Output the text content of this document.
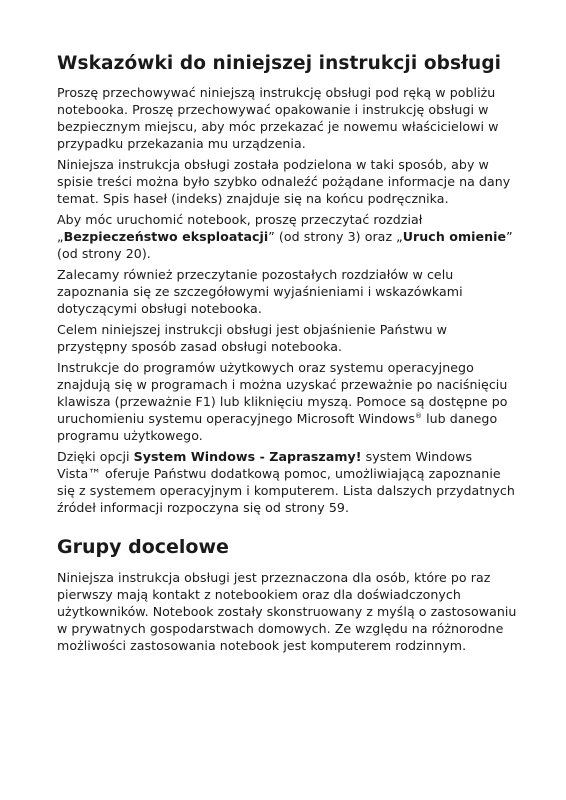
Wskazówki do niniejszej instrukcji obsługi

Proszę przechowywać niniejszą instrukcję obsługi pod ręką w pobliżu notebooka. Proszę przechowywać opakowanie i instrukcję obsługi w bezpiecznym miejscu, aby móc przekazać je nowemu właścicielowi w przypadku przekazania mu urządzenia.

Niniejsza instrukcja obsługi została podzielona w taki sposób, aby w spisie treści można było szybko odnaleźć pożądane informacje na dany temat. Spis haseł (indeks) znajduje się na końcu podręcznika.

Aby móc uruchomić notebook, proszę przeczytać rozdział „Bezpieczeństwo eksploatacji” (od strony 3) oraz „Uruch omienie” (od strony 20).

Zalecamy również przeczytanie pozostałych rozdziałów w celu zapoznania się ze szczegółowymi wyjaśnieniami i wskazówkami dotyczącymi obsługi notebooka.

Celem niniejszej instrukcji obsługi jest objaśnienie Państwu w przystępny sposób zasad obsługi notebooka.

Instrukcje do programów użytkowych oraz systemu operacyjnego znajdują się w programach i można uzyskać przeważnie po naciśnięciu klawisza (przeważnie F1) lub kliknięciu myszą. Pomoce są dostępne po uruchomieniu systemu operacyjnego Microsoft Windows® lub danego programu użytkowego.

Dzięki opcji System Windows - Zapraszamy! system Windows Vista™ oferuje Państwu dodatkową pomoc, umożliwiającą zapoznanie się z systemem operacyjnym i komputerem. Lista dalszych przydatnych źródeł informacji rozpoczyna się od strony 59.

Grupy docelowe

Niniejsza instrukcja obsługi jest przeznaczona dla osób, które po raz pierwszy mają kontakt z notebookiem oraz dla doświadczonych użytkowników. Notebook zostały skonstruowany z myślą o zastosowaniu w prywatnych gospodarstwach domowych. Ze względu na różnorodne możliwości zastosowania notebook jest komputerem rodzinnym.
